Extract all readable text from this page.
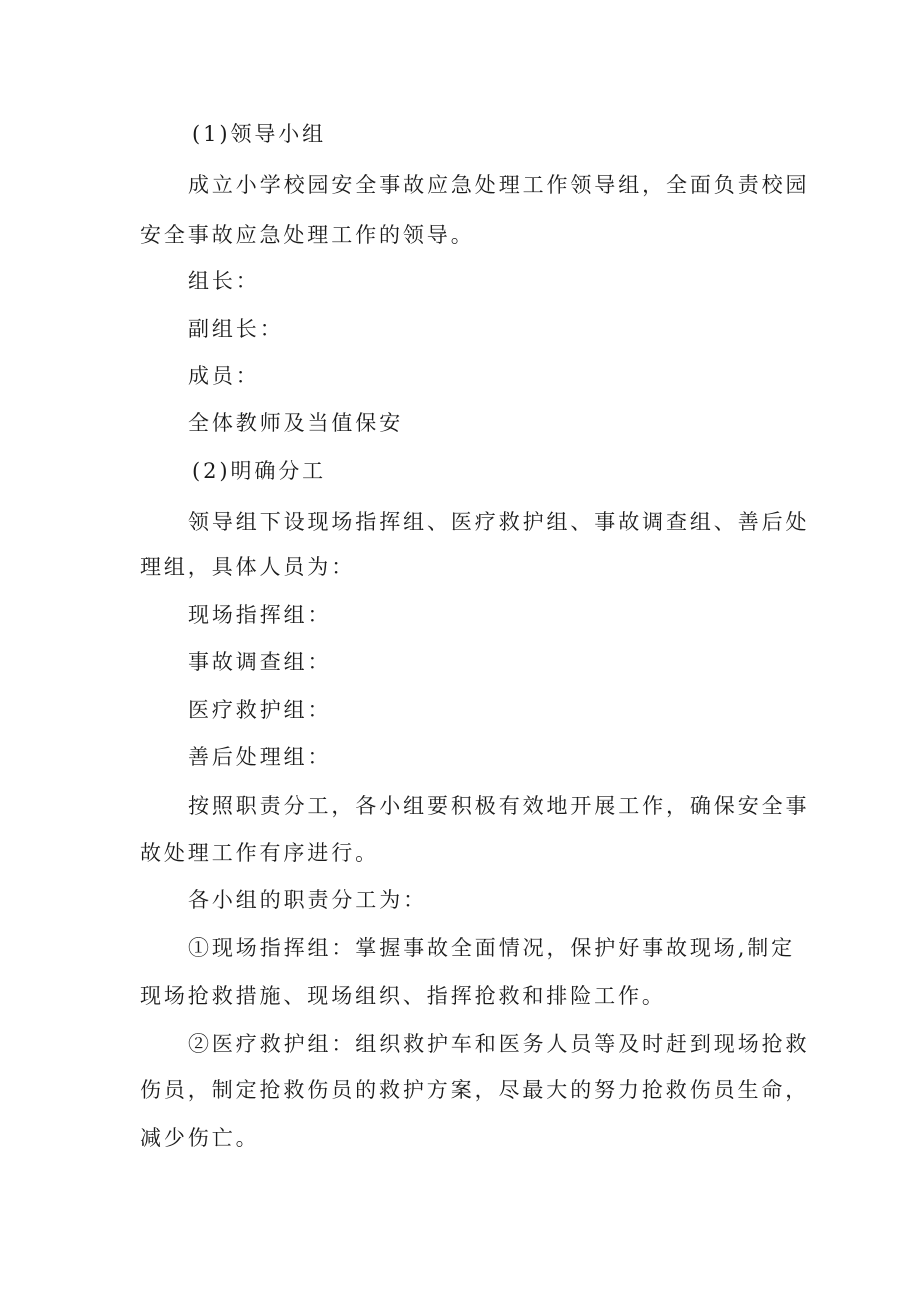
(1)领导小组
成立小学校园安全事故应急处理工作领导组，全面负责校园
安全事故应急处理工作的领导。
组长：
副组长：
成员：
全体教师及当值保安
(2)明确分工
领导组下设现场指挥组、医疗救护组、事故调查组、善后处
理组，具体人员为：
现场指挥组：
事故调查组：
医疗救护组：
善后处理组：
按照职责分工，各小组要积极有效地开展工作，确保安全事
故处理工作有序进行。
各小组的职责分工为：
①现场指挥组：掌握事故全面情况，保护好事故现场,制定
现场抢救措施、现场组织、指挥抢救和排险工作。
②医疗救护组：组织救护车和医务人员等及时赶到现场抢救
伤员，制定抢救伤员的救护方案，尽最大的努力抢救伤员生命，
减少伤亡。
